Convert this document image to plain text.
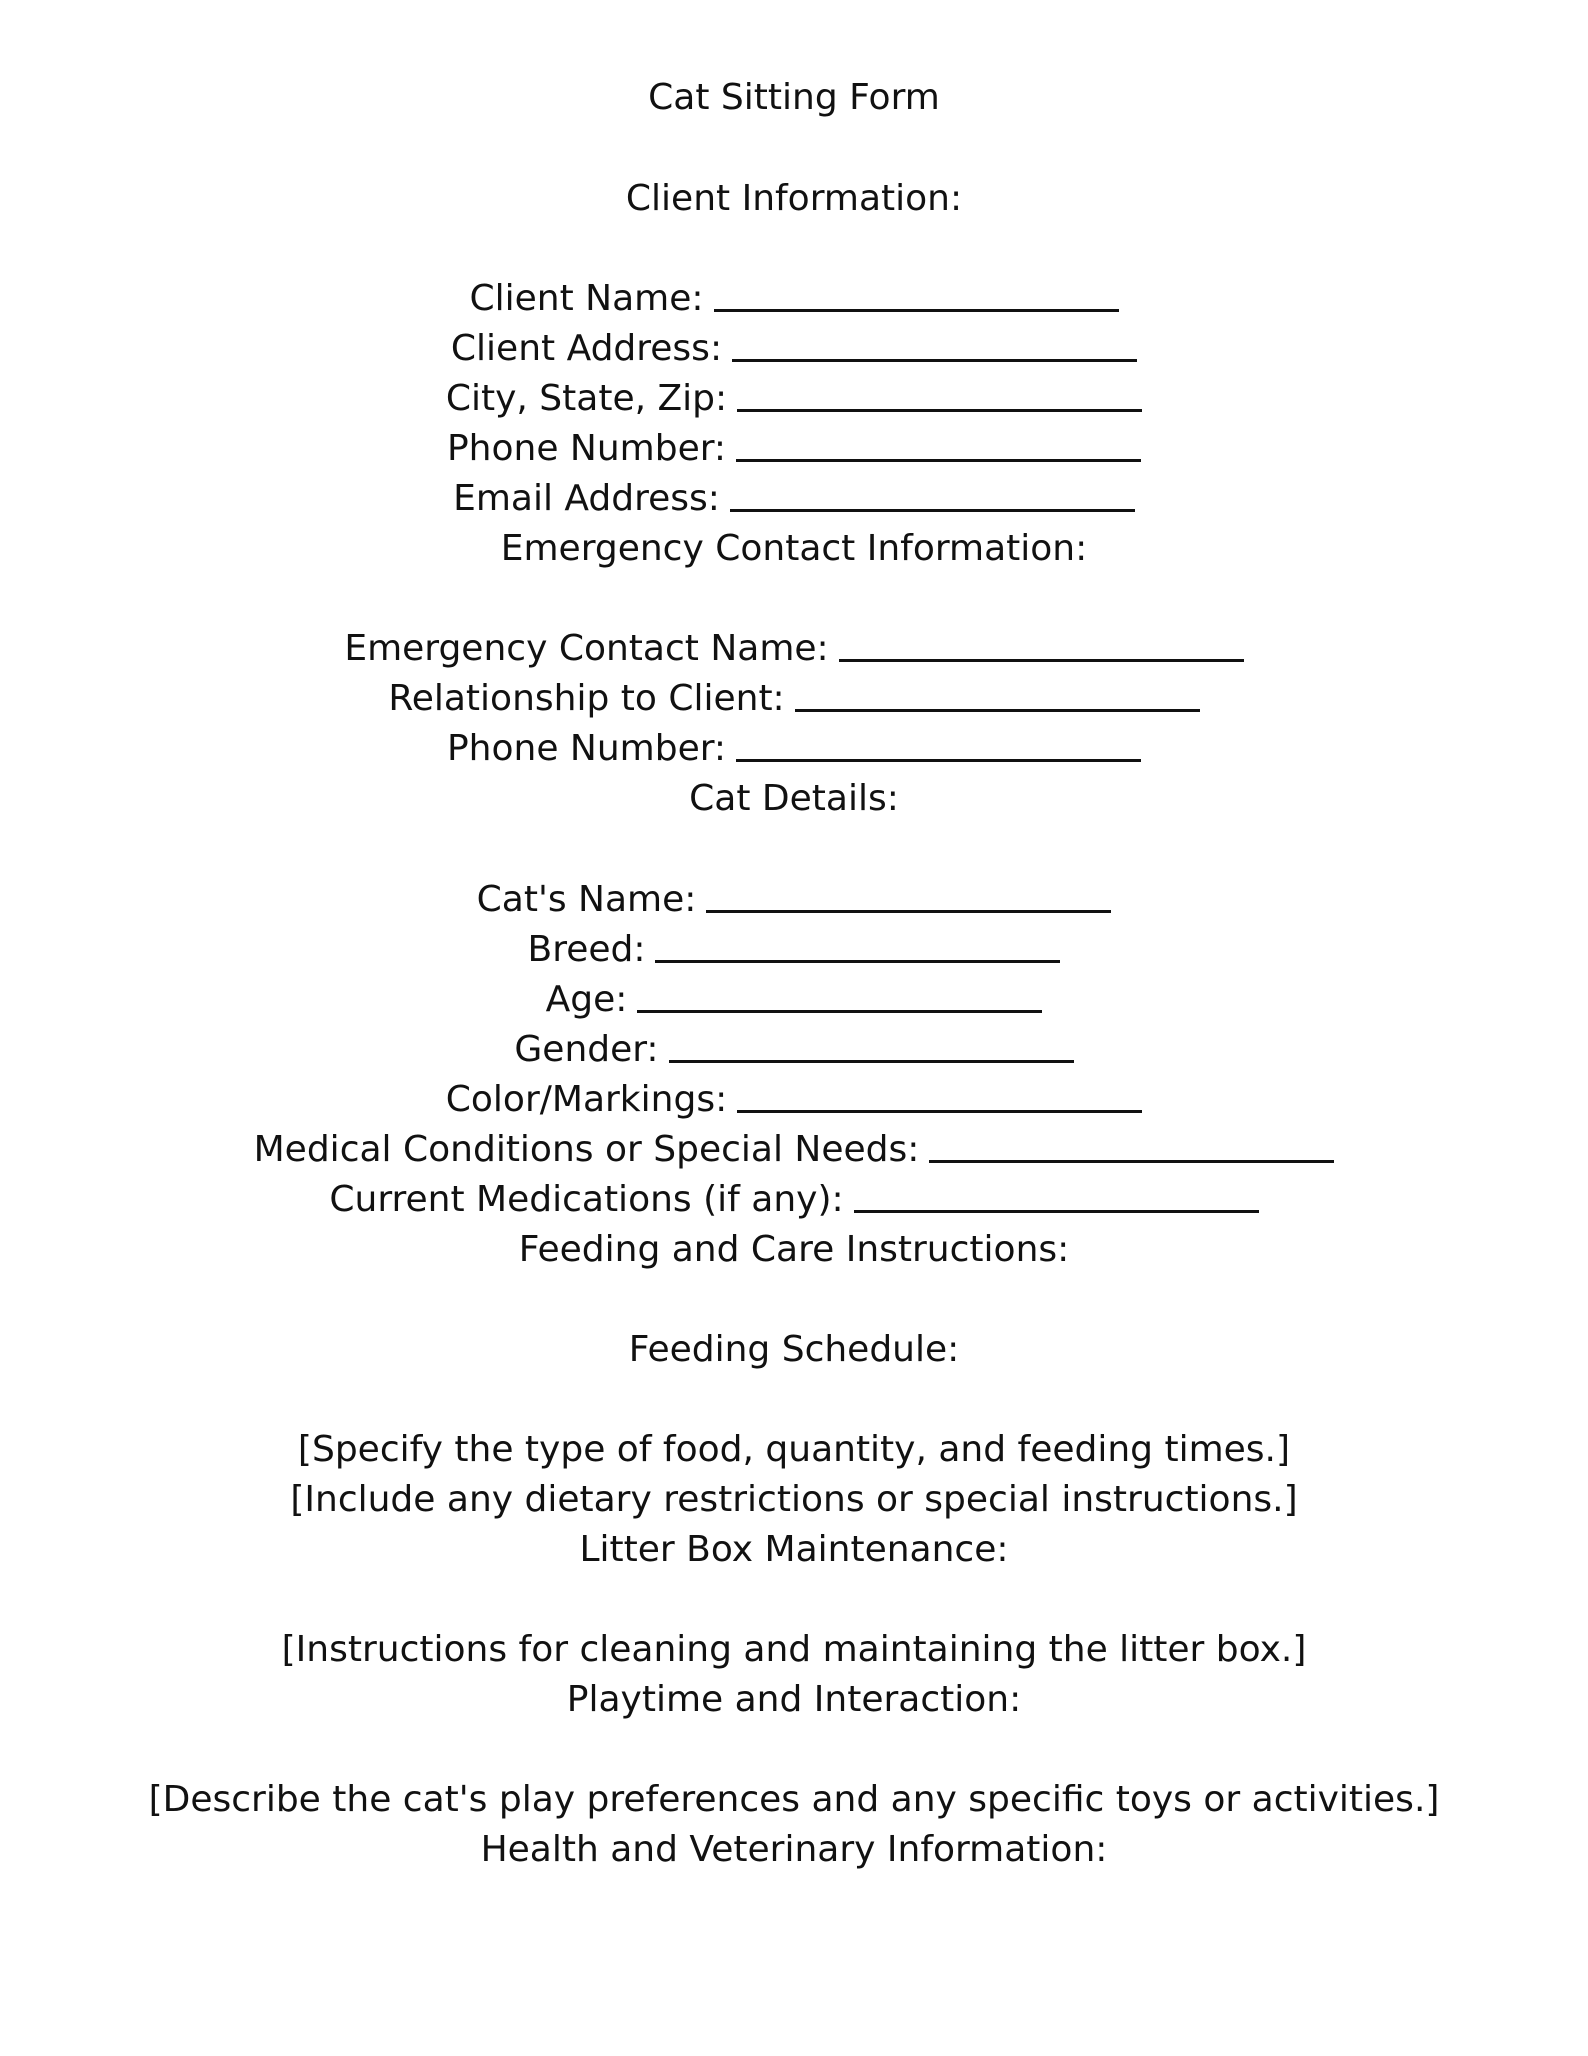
Cat Sitting Form
Client Information:
Client Name:
Client Address:
City, State, Zip:
Phone Number:
Email Address:
Emergency Contact Information:
Emergency Contact Name:
Relationship to Client:
Phone Number:
Cat Details:
Cat's Name:
Breed:
Age:
Gender:
Color/Markings:
Medical Conditions or Special Needs:
Current Medications (if any):
Feeding and Care Instructions:
Feeding Schedule:
[Specify the type of food, quantity, and feeding times.]
[Include any dietary restrictions or special instructions.]
Litter Box Maintenance:
[Instructions for cleaning and maintaining the litter box.]
Playtime and Interaction:
[Describe the cat's play preferences and any specific toys or activities.]
Health and Veterinary Information:
